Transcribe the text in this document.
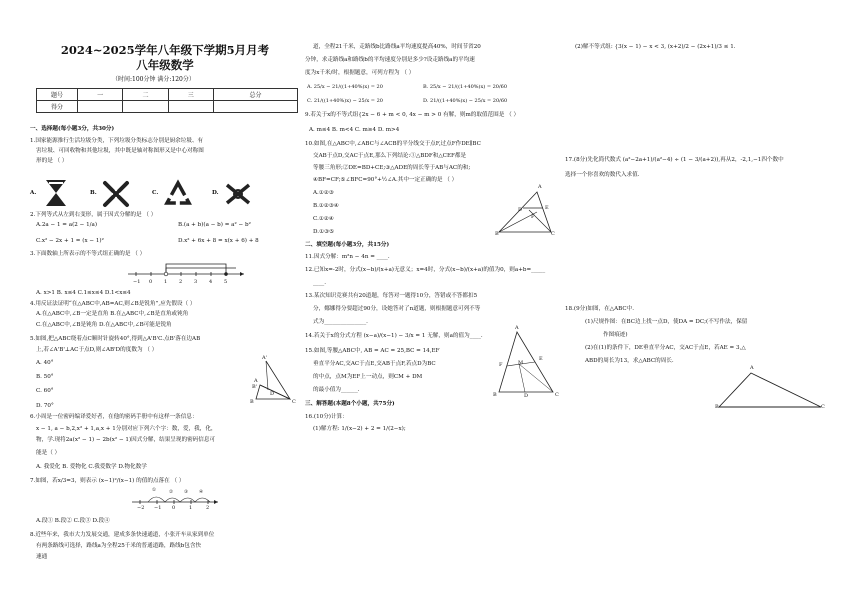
2024~2025学年八年级下学期5月月考
八年级数学
（时间:100分钟 满分:120分）
题号	一	二	三	总分
得分				
一、选择题(每小题3分，共30分)
1.国家能源推行生活垃圾分类，下列垃圾分类标志分别是厨余垃圾、有
害垃圾、可回收物和其他垃圾，其中既是轴对称图形又是中心对称图
形的是 （ ）
A.	B.	C.	D.
2.下列等式从左到右变形，属于因式分解的是 （ ）
A.2a − 1 = a(2 − 1/a)	B.(a + b)(a − b) = a² − b²
C.x² − 2x + 1 = (x − 1)²	D.x² + 6x + 8 = x(x + 6) + 8
3.下面数轴上所表示的不等式组正确的是 （ ）
−1 0 1 2 3 4 5
A. x>1 B. x≤4 C.1≤x≤4 D.1<x≤4
4.用反证法证明“在△ABC中,AB=AC,则∠B是锐角”,应先假设（ ）
A.在△ABC中,∠B一定是直角 B.在△ABC中,∠B是直角或钝角
C.在△ABC中,∠B是钝角 D.在△ABC中,∠B可能是锐角
5.如图,把△ABC绕着点C顺时针旋转40°,得到△A'B'C.点B'落在边AB
上,若∠A'B'⊥AC于点D,则∠AB'D的度数为 （ ）
A. 40°
B. 50°
C. 60°
D. 70°
A'
A
B'
D
B	C
6.小周是一位密码编译爱好者，在他的密码手册中有这样一条信息：
x − 1, a − b,2,x² + 1,a,x + 1分别对应下列六个字：数，爱，我，化，
物，学.现将2a(x² − 1) − 2b(x² − 1)因式分解，结果呈现的密码信息可
能是（ ）
A. 我爱化 B. 爱物化 C.我爱数学 D.物化数学
7.如图，若x/3=3，则表示 (x−1)²/(x−1) 的值的点落在 （ ）
①	② ③ ④
−2 −1 0	1	2
A.段① B.段② C.段③ D.段④
8.近些年来，我市大力发展交通，建成多条快速通道，小张开车从家到单位
有两条路线可选择，路线a为全程25千米的普通道路，路线b包含快
速通
道，全程21千米，走路线b比路线a平均速度提高40%，时间节省20
分钟，求走路线a和路线b的平均速度分别是多少?设走路线a的平均速
度为x千米/时，根据题意，可列方程为 （ ）
A. 25/x − 21/((1+40%)x) = 20	B. 25/x − 21/((1+40%)x) = 20/60
C. 21/((1+40%)x) − 25/x = 20	D. 21/((1+40%)x) − 25/x = 20/60
9.若关于x的不等式组{2x − 6 + m < 0, 4x − m > 0 有解，则m的取值范围是 （ ）
A. m≤4 B. m<4 C. m≥4 D. m>4
10.如图,在△ABC中,∠ABC与∠ACB的平分线交于点F,过点F作DE∥BC
交AB于点D,交AC于点E,那么下列结论:①△BDF和△CEF都是
等腰三角形;②DE=BD+CE;③△ADE的周长等于AB与AC的和;
④BF=CF;⑤∠BFC=90°+½∠A.其中一定正确的是 （ ）
A.①②③
B.①②③④
C.①②④
D.①③⑤
A
D	E
B
F
C
二、填空题(每小题3分，共15分)
11.因式分解：m²n − 4n = ____.
12.已知x=-2时，分式(x−b)/(x+a)无意义；x=4时，分式(x−b)/(x+a)的值为0，则a+b=_____
____.
13.某次知识竞赛共有20道题，每答对一题得10分，答错或不答都扣5
分，娜娜得分要超过90分，设她答对了n道题，则根据题意可列不等
式为_______________.
14.若关于x的分式方程 (x−a)/(x−1) − 3/x = 1 无解，则a的值为____.
15.如图,等腰△ABC中, AB = AC = 25,BC = 14,EF
垂直平分AC,交AC于点E,交AB于点F,若点D为BC
的中点，点M为EF上一动点，则CM + DM
的最小值为______.
A
F	M
E
B	D	C
三、解答题(本题8个小题，共75分)
16.(10分)计算：
(1)解方程: 1/(x−2) + 2 = 1/(2−x);
(2)解不等式组: {3(x − 1) − x < 3, (x+2)/2 − (2x+1)/3 ≤ 1.
17.(8分)先化简代数式 (a²−2a+1)/(a²−4) ÷ (1 − 3/(a+2)),再从2，-2,1,−1四个数中
选择一个你喜欢的数代入求值.
18.(9分)如图，在△ABC中.
(1)尺规作图：在BC边上找一点D，使DA = DC;(不写作法，保留
作图痕迹)
(2)在(1)的条件下，DE垂直平分AC，交AC于点E，若AE = 3,△
ABD的周长为13，求△ABC的周长.
A
B	C
